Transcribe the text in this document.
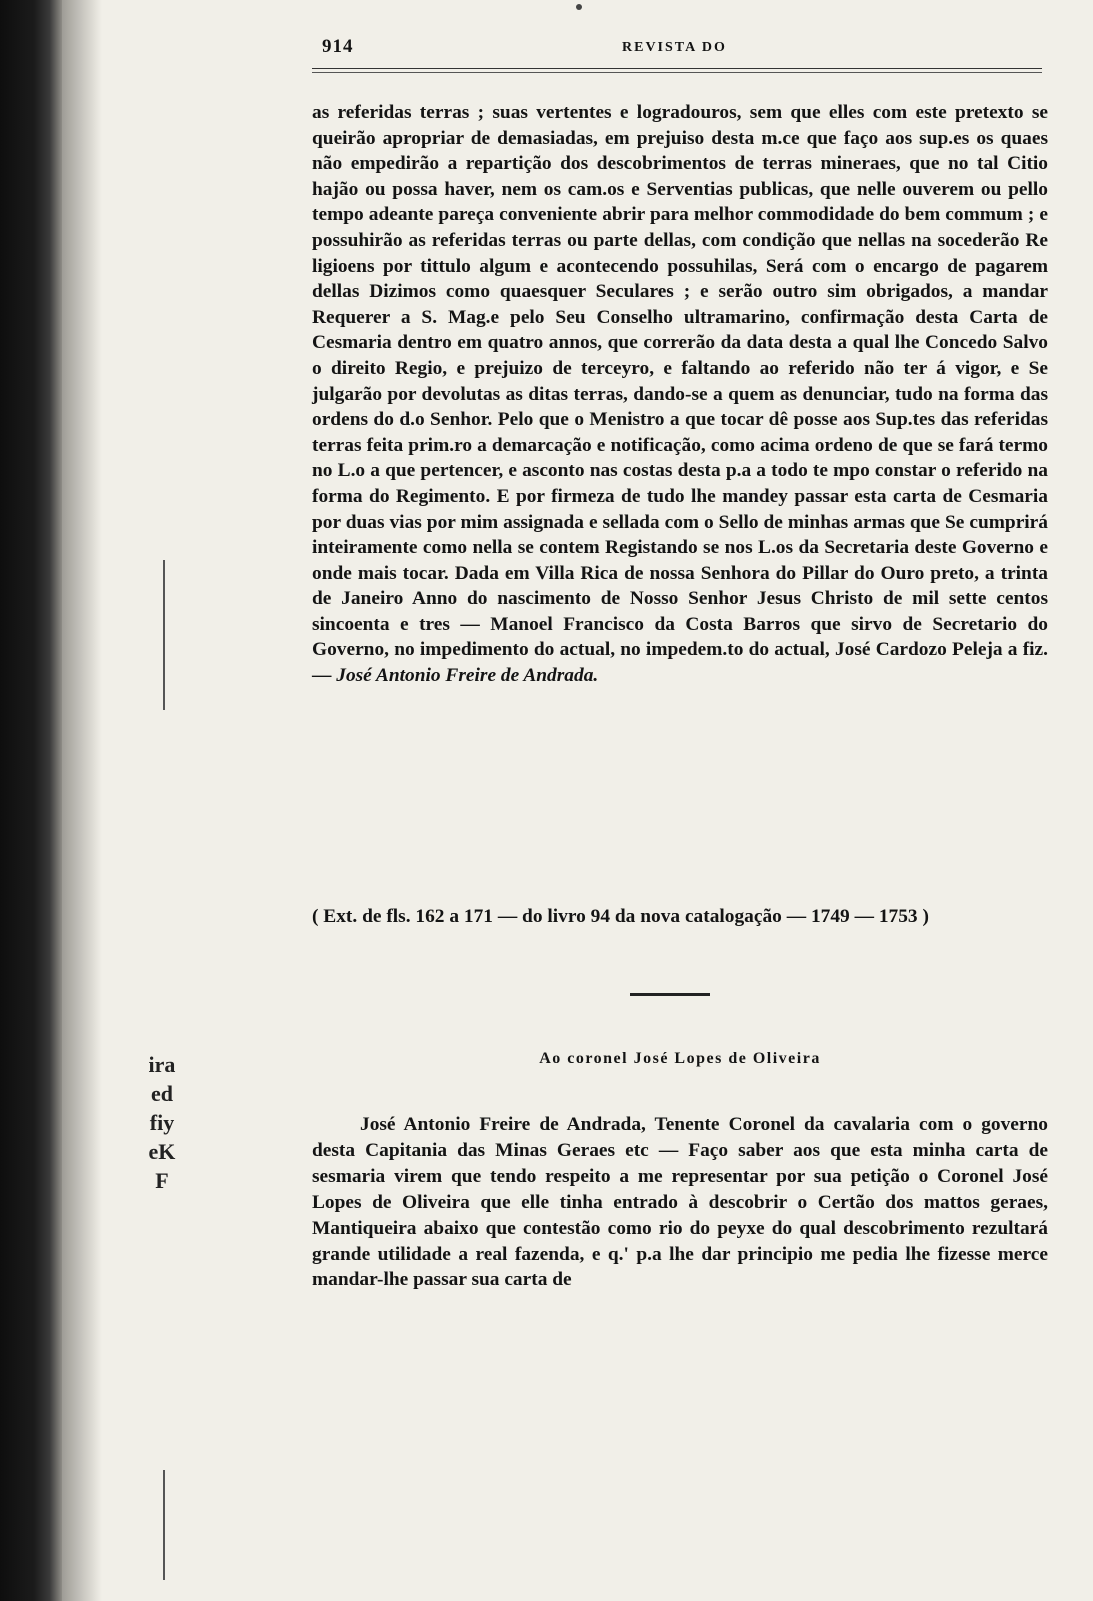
iraedfiyeKF
914	REVISTA DO

as referidas terras ; suas vertentes e logradouros, sem que elles com este pretexto se queirão apropriar de demasiadas, em prejuiso desta m.ce que faço aos sup.es os quaes não empedirão a repartição dos descobrimentos de terras mineraes, que no tal Citio hajão ou possa haver, nem os cam.os e Serventias publicas, que nelle ouverem ou pello tempo adeante pareça conveniente abrir para melhor commodidade do bem commum ; e possuhirão as referidas terras ou parte dellas, com condição que nellas na socederão Re ligioens por tittulo algum e acontecendo possuhilas, Será com o encargo de pagarem dellas Dizimos como quaesquer Seculares ; e serão outro sim obrigados, a mandar Requerer a S. Mag.e pelo Seu Conselho ultramarino, confirmação desta Carta de Cesmaria dentro em quatro annos, que correrão da data desta a qual lhe Concedo Salvo o direito Regio, e prejuizo de terceyro, e faltando ao referido não ter á vigor, e Se julgarão por devolutas as ditas terras, dando-se a quem as denunciar, tudo na forma das ordens do d.o Senhor. Pelo que o Menistro a que tocar dê posse aos Sup.tes das referidas terras feita prim.ro a demarcação e notificação, como acima ordeno de que se fará termo no L.o a que pertencer, e asconto nas costas desta p.a a todo te mpo constar o referido na forma do Regimento. E por firmeza de tudo lhe mandey passar esta carta de Cesmaria por duas vias por mim assignada e sellada com o Sello de minhas armas que Se cumprirá inteiramente como nella se contem Registando se nos L.os da Secretaria deste Governo e onde mais tocar. Dada em Villa Rica de nossa Senhora do Pillar do Ouro preto, a trinta de Janeiro Anno do nascimento de Nosso Senhor Jesus Christo de mil sette centos sincoenta e tres — Manoel Francisco da Costa Barros que sirvo de Secretario do Governo, no impedimento do actual, no impedem.to do actual, José Cardozo Peleja a fiz. — José Antonio Freire de Andrada.

( Ext. de fls. 162 a 171 — do livro 94 da nova catalogação — 1749 — 1753 )
Ao coronel José Lopes de Oliveira

José Antonio Freire de Andrada, Tenente Coronel da cavalaria com o governo desta Capitania das Minas Geraes etc — Faço saber aos que esta minha carta de sesmaria virem que tendo respeito a me representar por sua petição o Coronel José Lopes de Oliveira que elle tinha entrado à descobrir o Certão dos mattos geraes, Mantiqueira abaixo que contestão como rio do peyxe do qual descobrimento rezultará grande utilidade a real fazenda, e q.' p.a lhe dar principio me pedia lhe fizesse merce mandar-lhe passar sua carta de
